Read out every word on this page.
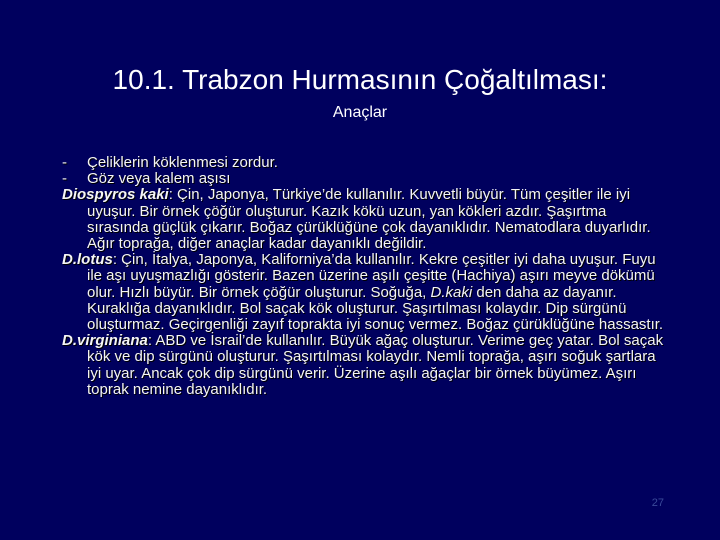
10.1. Trabzon Hurmasının Çoğaltılması:
Anaçlar
- Çeliklerin köklenmesi zordur.
- Göz veya kalem aşısı
Diospyros kaki: Çin, Japonya, Türkiye’de kullanılır. Kuvvetli büyür. Tüm çeşitler ile iyi uyuşur. Bir örnek çöğür oluşturur. Kazık kökü uzun, yan kökleri azdır. Şaşırtma sırasında güçlük çıkarır. Boğaz çürüklüğüne çok dayanıklıdır. Nematodlara duyarlıdır. Ağır toprağa, diğer anaçlar kadar dayanıklı değildir.
D.lotus: Çin, İtalya, Japonya, Kaliforniya’da kullanılır. Kekre çeşitler iyi daha uyuşur. Fuyu ile aşı uyuşmazlığı gösterir. Bazen üzerine aşılı çeşitte (Hachiya) aşırı meyve dökümü olur. Hızlı büyür. Bir örnek çöğür oluşturur. Soğuğa, D.kaki den daha az dayanır. Kuraklığa dayanıklıdır. Bol saçak kök oluşturur. Şaşırtılması kolaydır. Dip sürgünü oluşturmaz. Geçirgenliği zayıf toprakta iyi sonuç vermez. Boğaz çürüklüğüne hassastır.
D.virginiana: ABD ve İsrail’de kullanılır. Büyük ağaç oluşturur. Verime geç yatar. Bol saçak kök ve dip sürgünü oluşturur. Şaşırtılması kolaydır. Nemli toprağa, aşırı soğuk şartlara iyi uyar. Ancak çok dip sürgünü verir. Üzerine aşılı ağaçlar bir örnek büyümez. Aşırı toprak nemine dayanıklıdır.
27
